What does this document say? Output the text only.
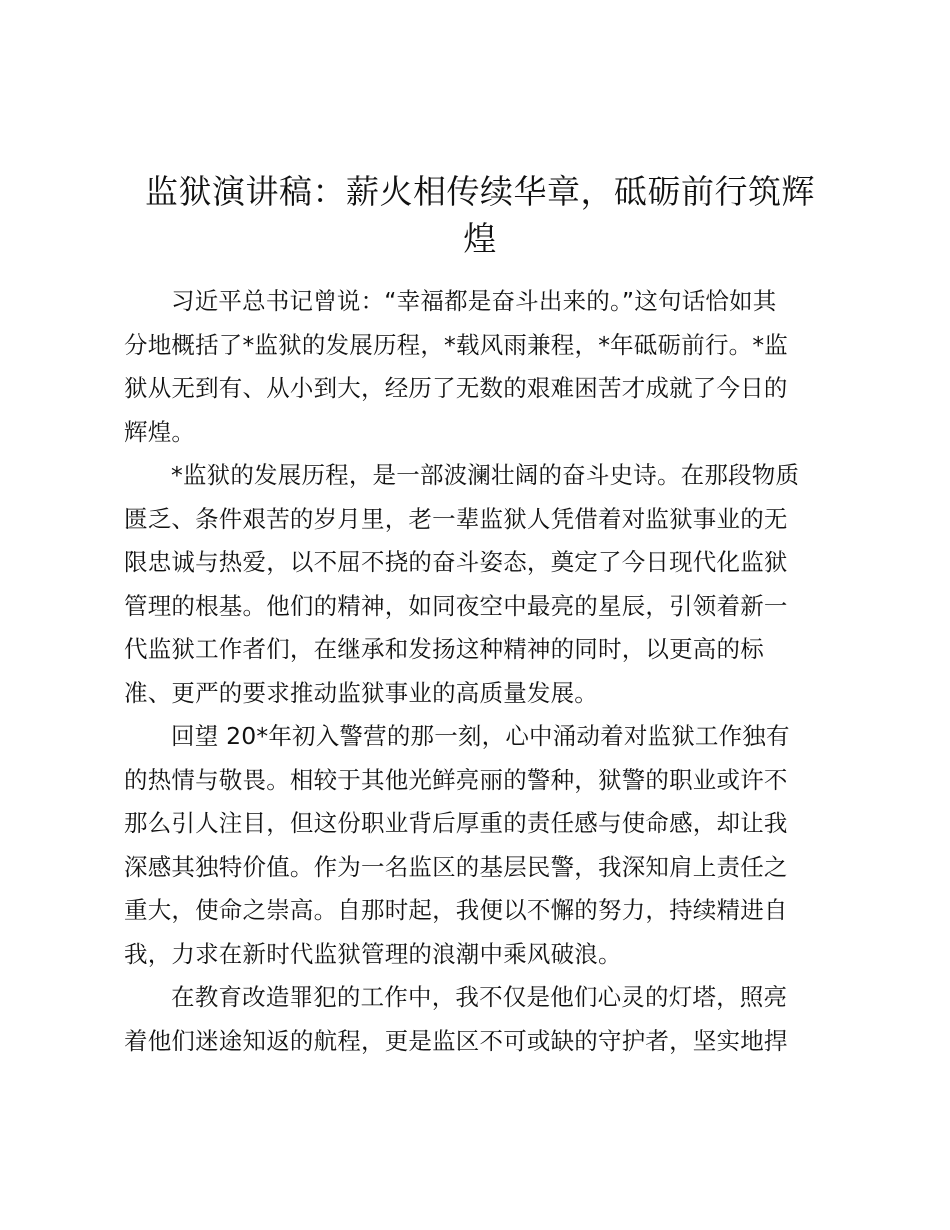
监狱演讲稿：薪火相传续华章，砥砺前行筑辉
煌

习近平总书记曾说：“幸福都是奋斗出来的。”这句话恰如其
分地概括了*监狱的发展历程，*载风雨兼程，*年砥砺前行。*监
狱从无到有、从小到大，经历了无数的艰难困苦才成就了今日的
辉煌。

*监狱的发展历程，是一部波澜壮阔的奋斗史诗。在那段物质
匮乏、条件艰苦的岁月里，老一辈监狱人凭借着对监狱事业的无
限忠诚与热爱，以不屈不挠的奋斗姿态，奠定了今日现代化监狱
管理的根基。他们的精神，如同夜空中最亮的星辰，引领着新一
代监狱工作者们，在继承和发扬这种精神的同时，以更高的标
准、更严的要求推动监狱事业的高质量发展。

回望 20*年初入警营的那一刻，心中涌动着对监狱工作独有
的热情与敬畏。相较于其他光鲜亮丽的警种，狱警的职业或许不
那么引人注目，但这份职业背后厚重的责任感与使命感，却让我
深感其独特价值。作为一名监区的基层民警，我深知肩上责任之
重大，使命之崇高。自那时起，我便以不懈的努力，持续精进自
我，力求在新时代监狱管理的浪潮中乘风破浪。

在教育改造罪犯的工作中，我不仅是他们心灵的灯塔，照亮
着他们迷途知返的航程，更是监区不可或缺的守护者，坚实地捍
